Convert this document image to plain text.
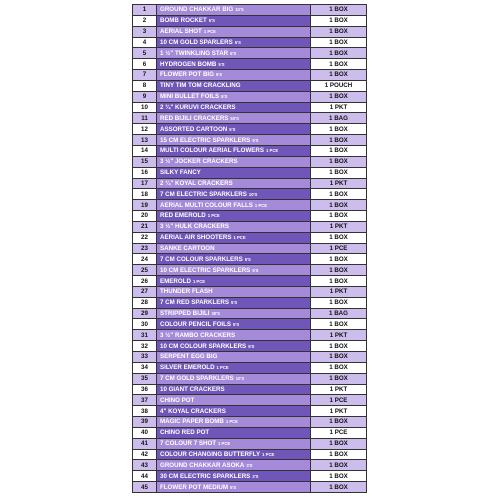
1	GROUND CHAKKAR BIG 10'S	1 BOX
2	BOMB ROCKET 5'S	1 BOX
3	AERIAL SHOT 1 PCE	1 BOX
4	10 CM GOLD SPARLERS 5'S	1 BOX
5	1 ½" TWINKLING STAR 5'S	1 BOX
6	HYDROGEN BOMB 5'S	1 BOX
7	FLOWER POT BIG 5'S	1 BOX
8	TINY TIM TOM CRACKLING	1 POUCH
9	MINI BULLET FOILS 5'S	1 BOX
10	2 ¾" KURUVI CRACKERS	1 PKT
11	RED BIJILI CRACKERS 50'S	1 BAG
12	ASSORTED CARTOON 5'S	1 BOX
13	15 CM ELECTRIC SPARKLERS 5'S	1 BOX
14	MULTI COLOUR AERIAL FLOWERS 1 PCE	1 BOX
15	3 ½" JOCKER CRACKERS	1 BOX
16	SILKY FANCY	1 BOX
17	2 ¾" KOYAL CRACKERS	1 PKT
18	7 CM ELECTRIC SPARKLERS 10'S	1 BOX
19	AERIAL MULTI COLOUR FALLS 1 PCE	1 BOX
20	RED EMEROLD 1 PCE	1 BOX
21	3 ½" HULK CRACKERS	1 PKT
22	AERIAL AIR SHOOTERS 1 PCE	1 BOX
23	SANKE CARTOON	1 PCE
24	7 CM COLOUR SPARKLERS 5'S	1 BOX
25	10 CM ELECTRIC SPARKLERS 5'S	1 BOX
26	EMEROLD 1 PCE	1 BOX
27	THUNDER FLASH	1 PKT
28	7 CM RED SPARKLERS 5'S	1 BOX
29	STRIPPED BIJILI 30'S	1 BAG
30	COLOUR PENCIL FOILS 5'S	1 BOX
31	3 ½" RAMBO CRACKERS	1 PKT
32	10 CM COLOUR SPARKLERS 5'S	1 BOX
33	SERPENT EGG BIG	1 BOX
34	SILVER EMEROLD 1 PCE	1 BOX
35	7 CM GOLD SPARKLERS 10'S	1 BOX
36	10 GIANT CRACKERS	1 PKT
37	CHINO POT	1 PCE
38	4" KOYAL CRACKERS	1 PKT
39	MAGIC PAPER BOMB 1 PCE	1 BOX
40	CHINO RED POT	1 PCE
41	7 COLOUR 7 SHOT 1 PCE	1 BOX
42	COLOUR CHANGING BUTTERFLY 1 PCE	1 BOX
43	GROUND CHAKKAR ASOKA 3'S	1 BOX
44	30 CM ELECTRIC SPARKLERS 2'S	1 BOX
45	FLOWER POT MEDIUM 5'S	1 BOX
